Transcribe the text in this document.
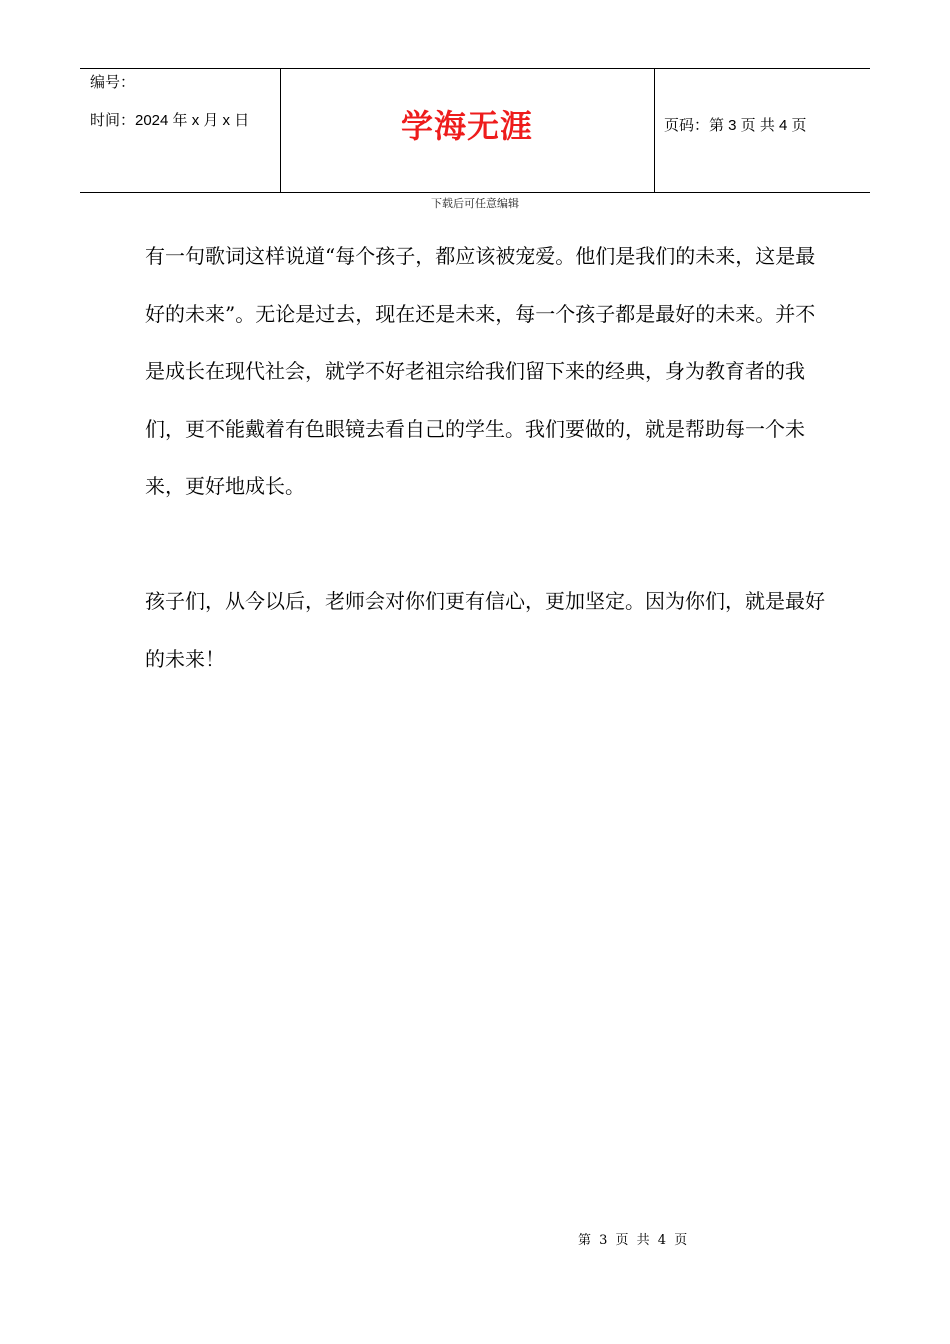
编号：
时间：2024 年 x 月 x 日	学海无涯	页码：第 3 页 共 4 页
下载后可任意编辑

有一句歌词这样说道“每个孩子，都应该被宠爱。他们是我们的未来，这是最好的未来”。无论是过去，现在还是未来，每一个孩子都是最好的未来。并不是成长在现代社会，就学不好老祖宗给我们留下来的经典，身为教育者的我们，更不能戴着有色眼镜去看自己的学生。我们要做的，就是帮助每一个未来，更好地成长。

孩子们，从今以后，老师会对你们更有信心，更加坚定。因为你们，就是最好的未来！

第 3 页 共 4 页
